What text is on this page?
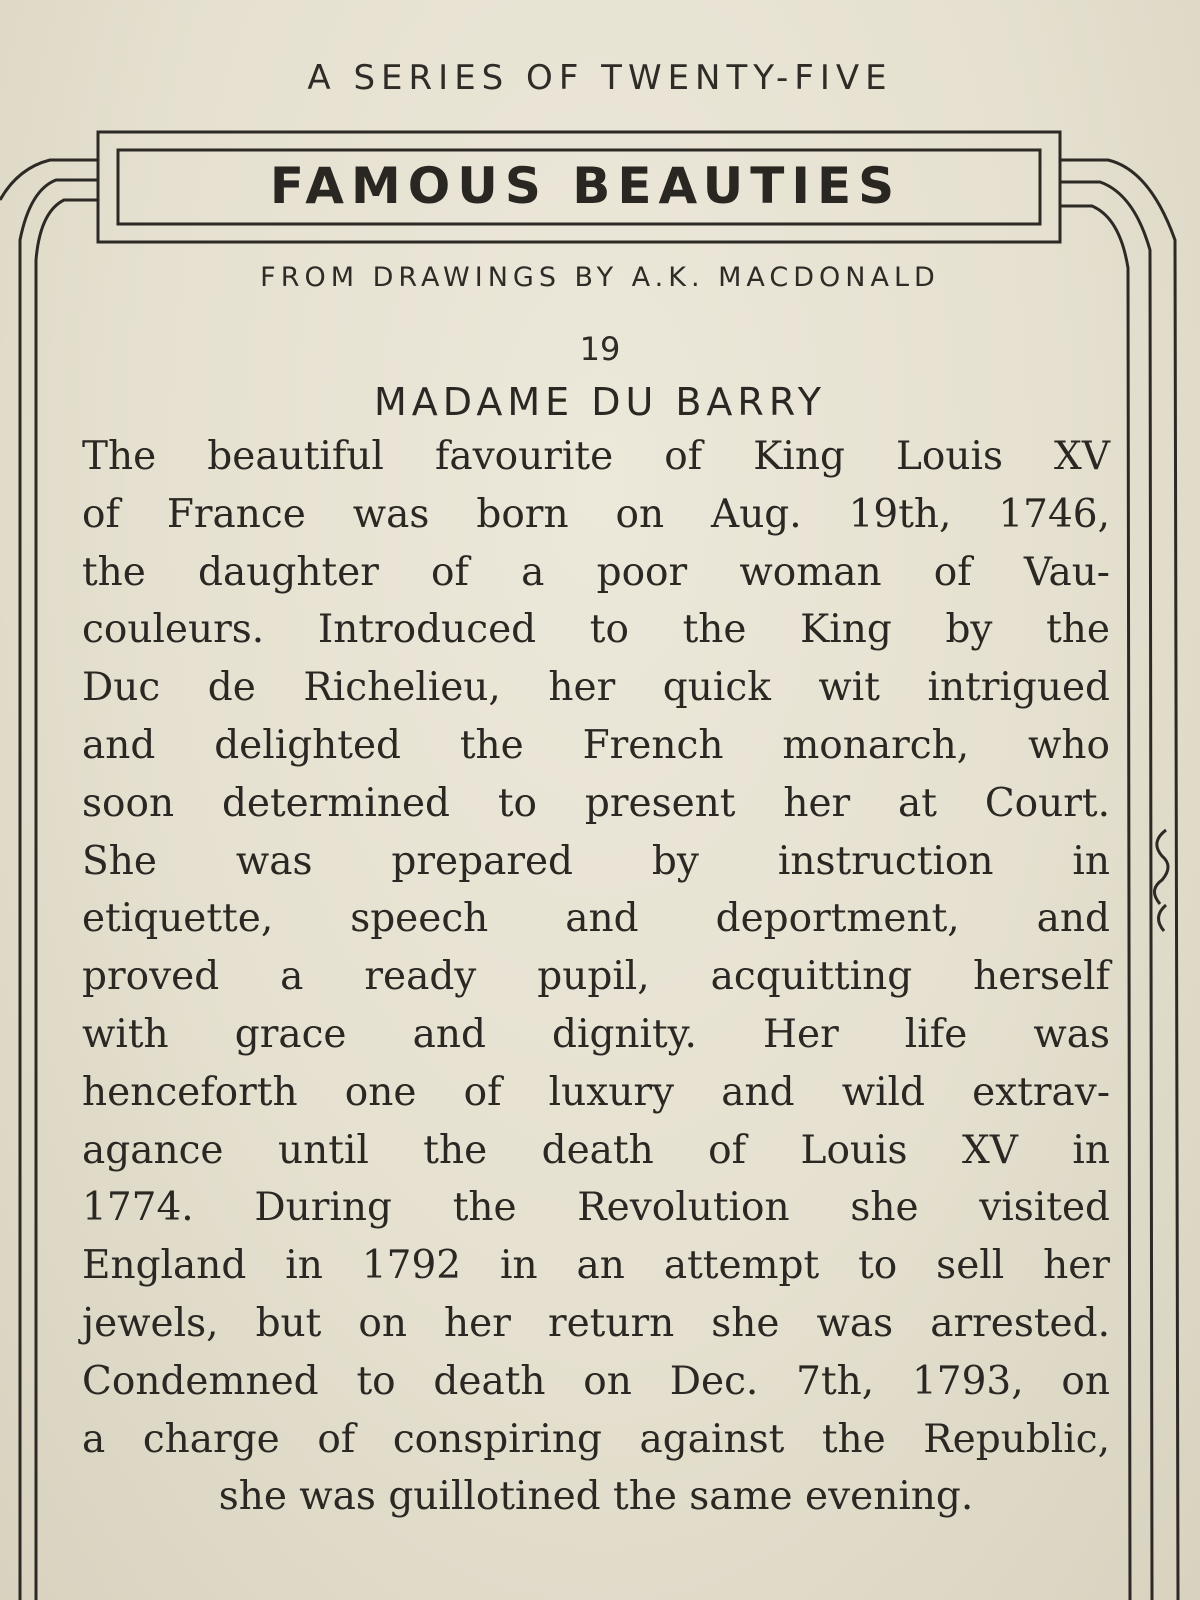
A SERIES OF TWENTY-FIVE
FAMOUS BEAUTIES
FROM DRAWINGS BY A.K. MACDONALD
19
MADAME DU BARRY
The beautiful favourite of King Louis XV
of France was born on Aug. 19th, 1746,
the daughter of a poor woman of Vau-
couleurs. Introduced to the King by the
Duc de Richelieu, her quick wit intrigued
and delighted the French monarch, who
soon determined to present her at Court.
She was prepared by instruction in
etiquette, speech and deportment, and
proved a ready pupil, acquitting herself
with grace and dignity. Her life was
henceforth one of luxury and wild extrav-
agance until the death of Louis XV in
1774. During the Revolution she visited
England in 1792 in an attempt to sell her
jewels, but on her return she was arrested.
Condemned to death on Dec. 7th, 1793, on
a charge of conspiring against the Republic,
she was guillotined the same evening.
